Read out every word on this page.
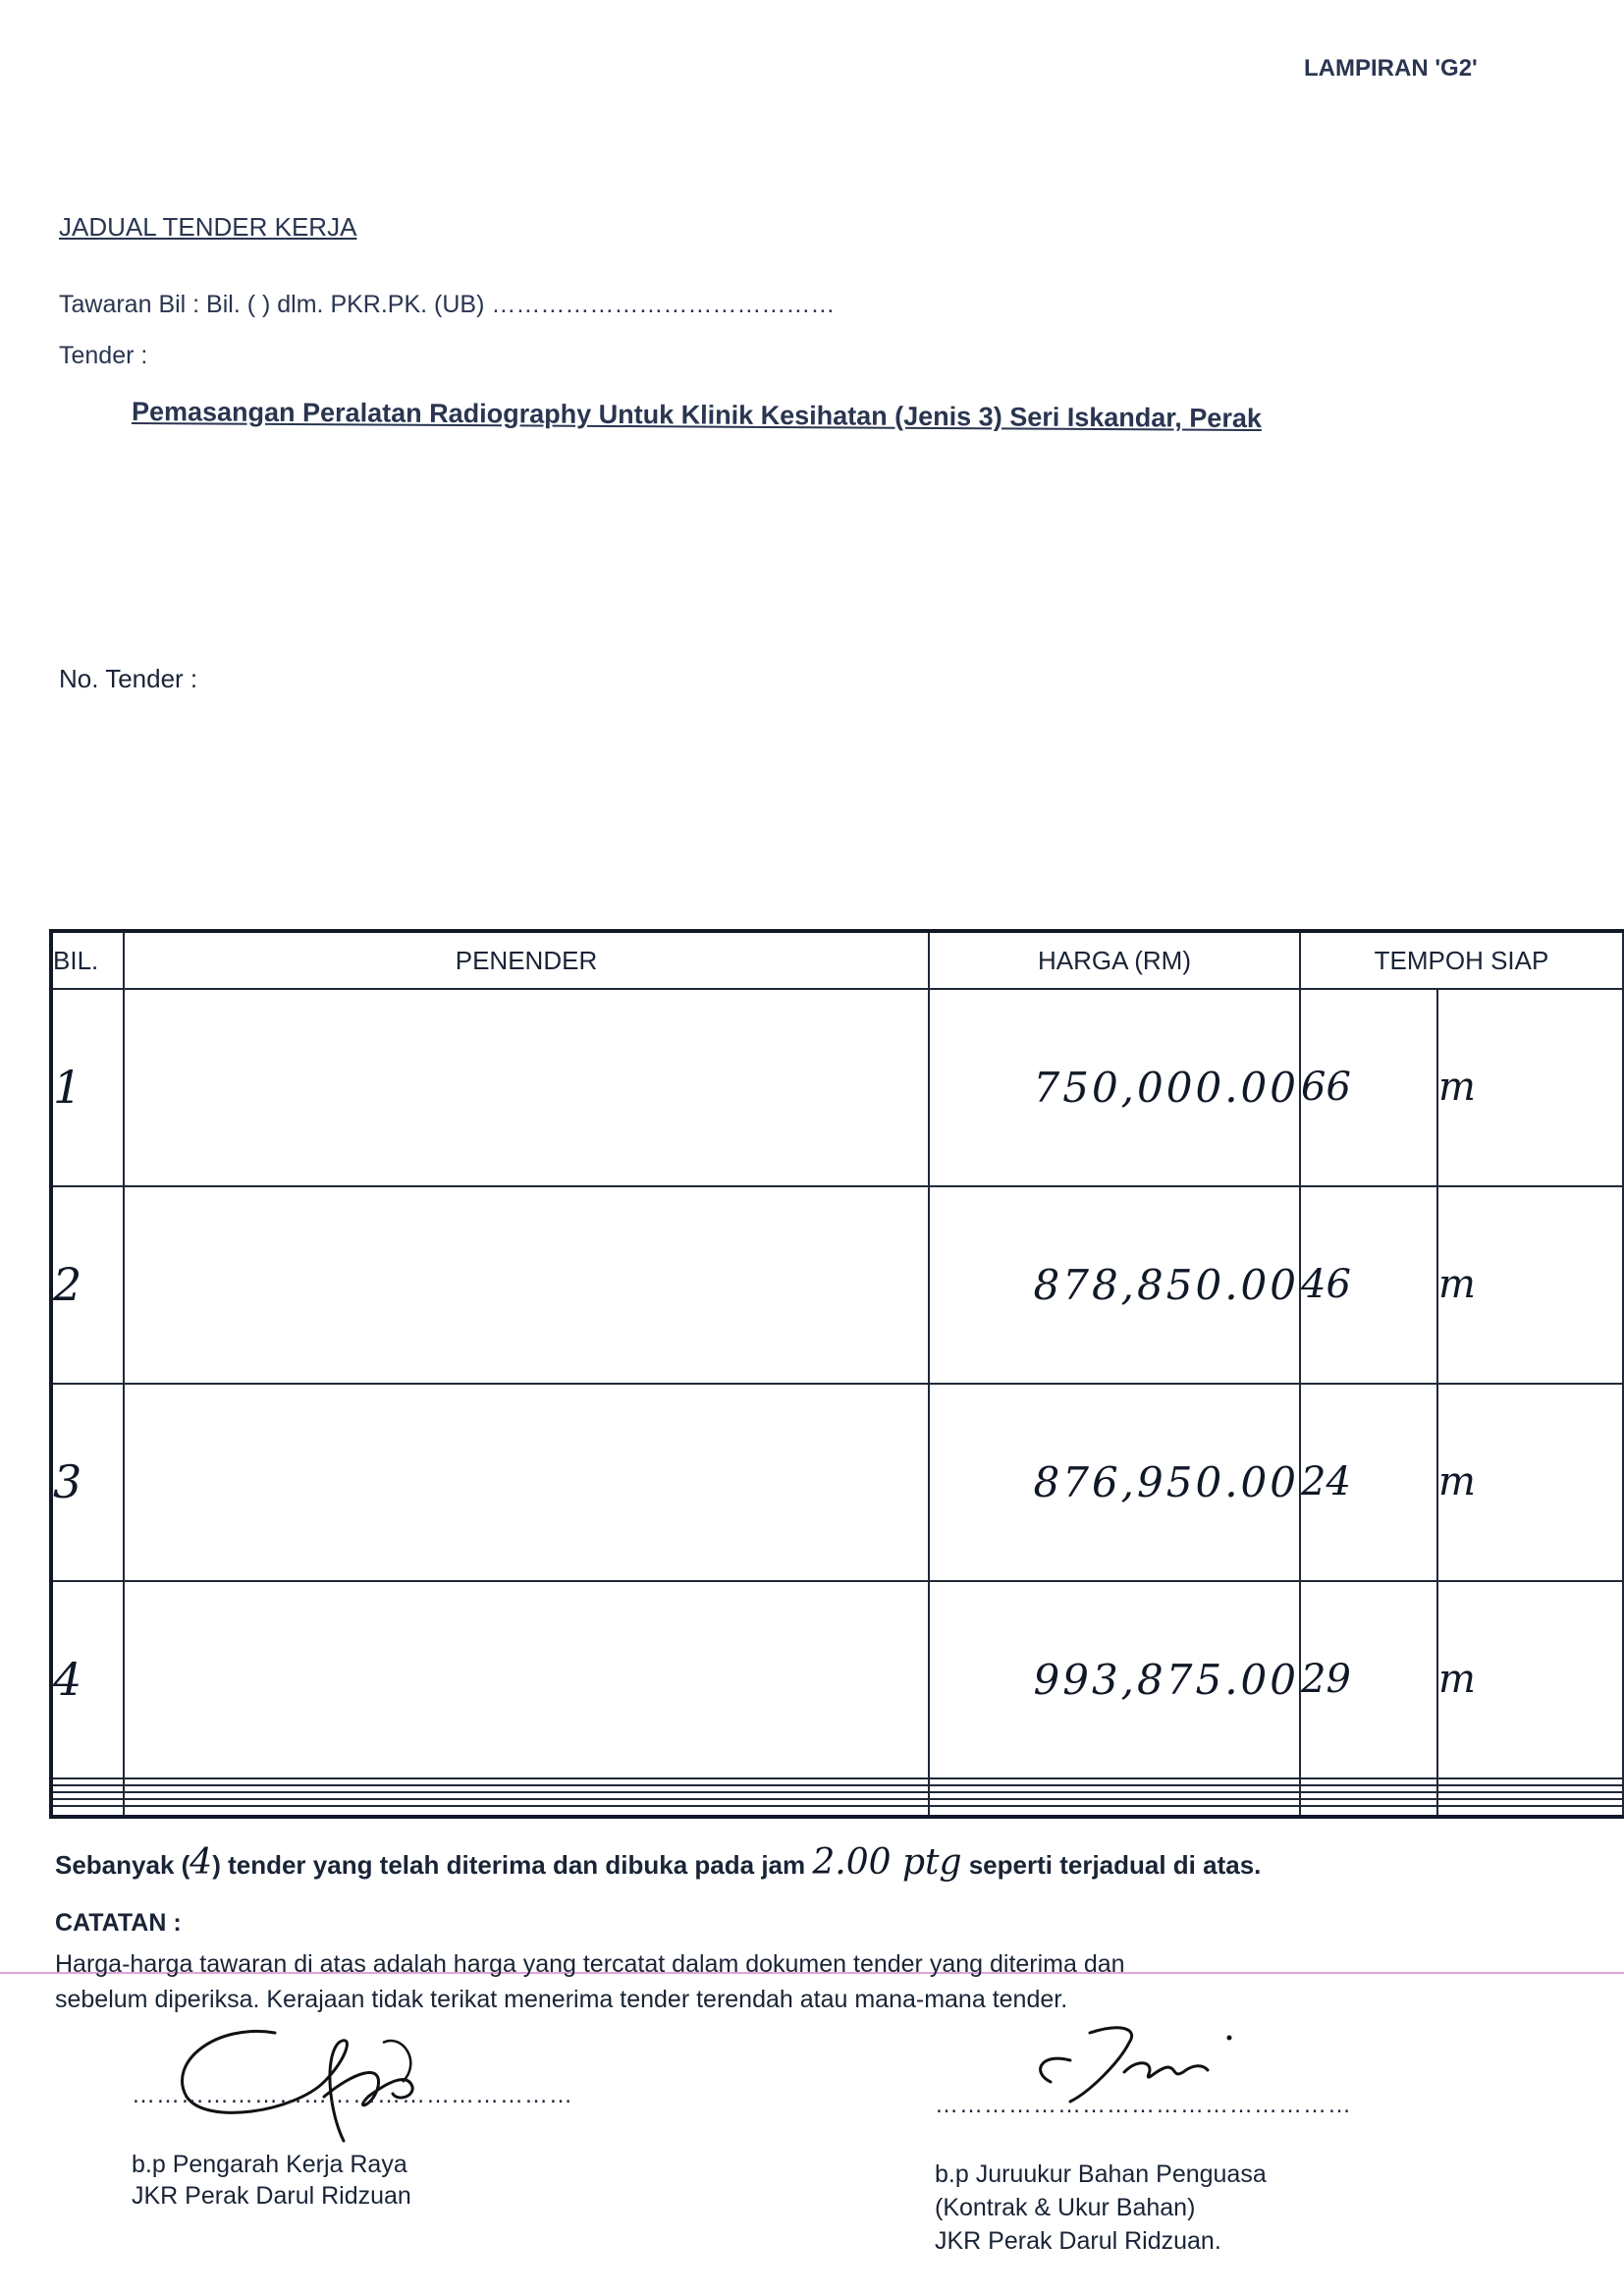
LAMPIRAN 'G2'
JADUAL TENDER KERJA
Tawaran Bil : Bil. ( ) dlm. PKR.PK. (UB) ……………………………………
Tender :
Pemasangan Peralatan Radiography Untuk Klinik Kesihatan (Jenis 3) Seri Iskandar, Perak
No. Tender :
BIL.	PENENDER	HARGA (RM)	TEMPOH SIAP	
1		750,000.00	66	m
2		878,850.00	46	m
3		876,950.00	24	m
4		993,875.00	29	m

Sebanyak (4) tender yang telah diterima dan dibuka pada jam 2.00 ptg seperti terjadual di atas.
CATATAN :
Harga-harga tawaran di atas adalah harga yang tercatat dalam dokumen tender yang diterima dan
sebelum diperiksa. Kerajaan tidak terikat menerima tender terendah atau mana-mana tender.
………………………………………………
b.p Pengarah Kerja Raya
JKR Perak Darul Ridzuan
……………………………………………
b.p Juruukur Bahan Penguasa
(Kontrak & Ukur Bahan)
JKR Perak Darul Ridzuan.
